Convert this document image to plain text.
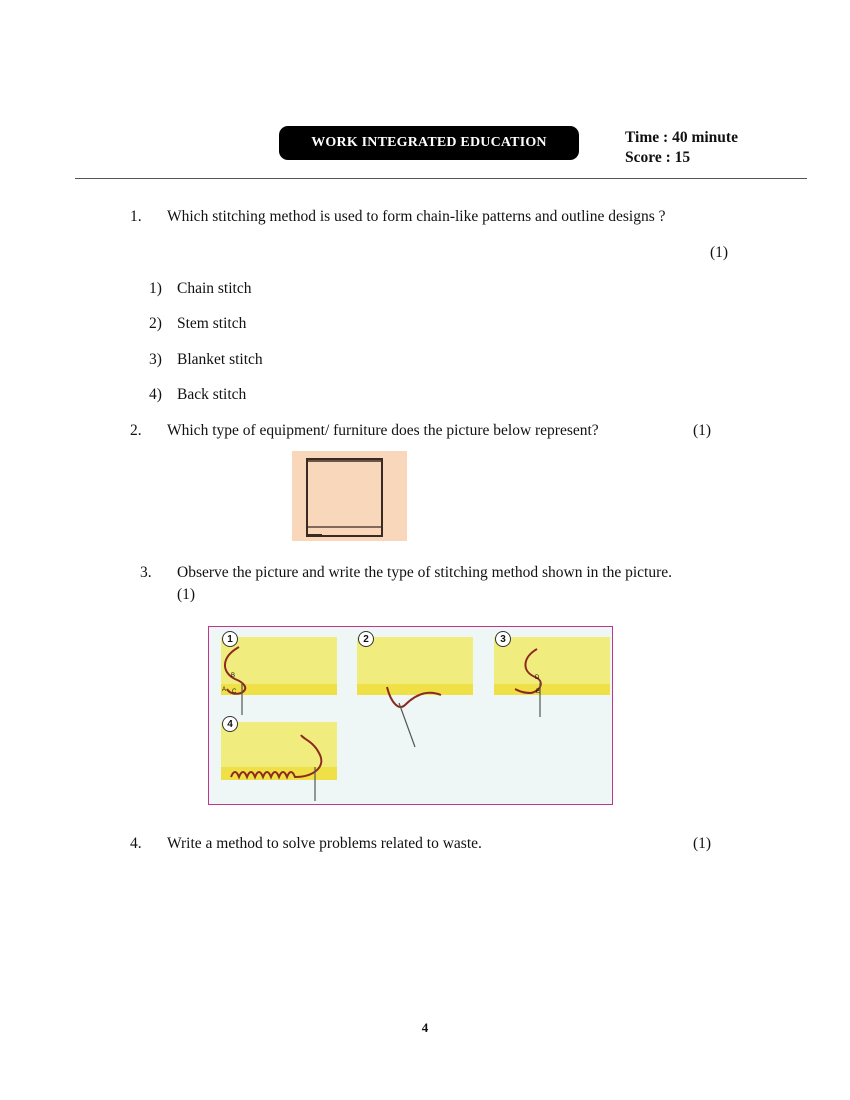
WORK INTEGRATED EDUCATION	Time : 40 minute
Score : 15
1. Which stitching method is used to form chain-like patterns and outline designs ?
(1)
1) Chain stitch
2) Stem stitch
3) Blanket stitch
4) Back stitch
2. Which type of equipment/ furniture does the picture below represent?	(1)
3. Observe the picture and write the type of stitching method shown in the picture.
(1)
1	2	3
4
B
A C
D
E
4. Write a method to solve problems related to waste.	(1)
4
